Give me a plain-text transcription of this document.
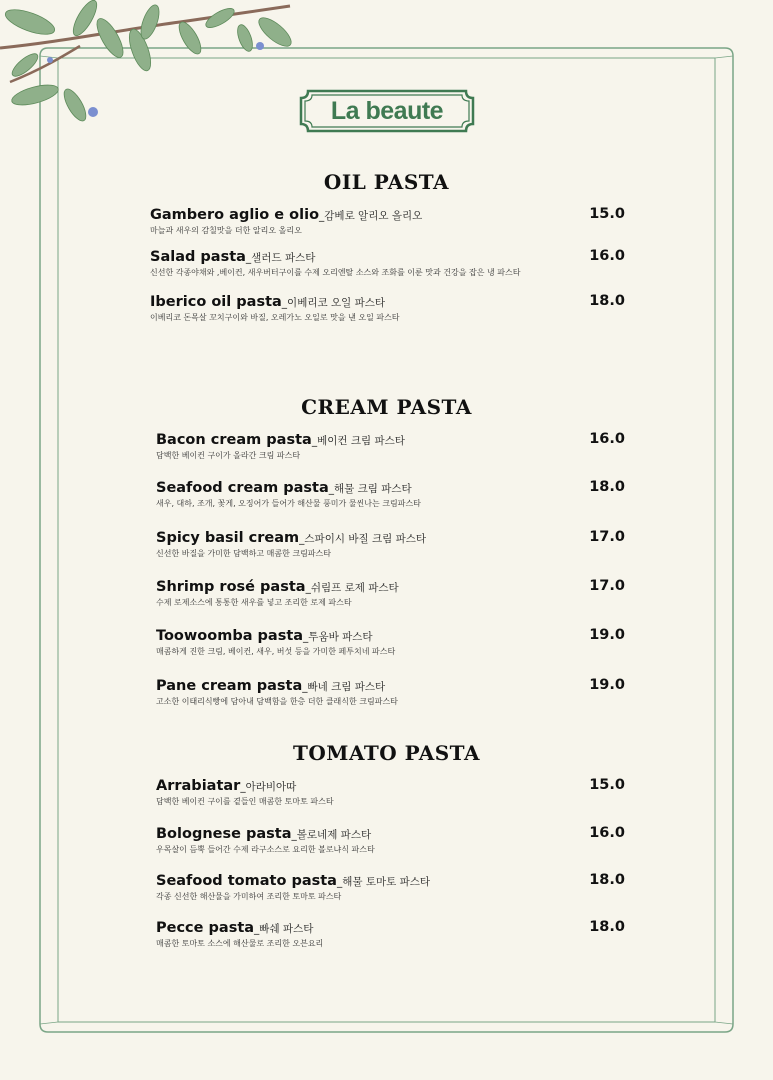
La beaute
OIL PASTA
Gambero aglio e olio_감베로 알리오 올리오
마늘과 새우의 감칠맛을 더한 알리오 올리오
15.0
Salad pasta_샐러드 파스타
신선한 각종야채와 ,베이컨, 새우버터구이를 수제 오리엔탈 소스와 조화를 이룬 맛과 건강을 잡은 냉 파스타
16.0
Iberico oil pasta_이베리코 오일 파스타
이베리코 돈목살 꼬치구이와 바질, 오레가노 오일로 맛을 낸 오일 파스타
18.0
CREAM PASTA
Bacon cream pasta_베이컨 크림 파스타
담백한 베이컨 구이가 올라간 크림 파스타
16.0
Seafood cream pasta_해물 크림 파스타
새우, 대하, 조개, 꽃게, 오징어가 들어가 해산물 풍미가 물씬나는 크림파스타
18.0
Spicy basil cream_스파이시 바질 크림 파스타
신선한 바질을 가미한 담백하고 매콤한 크림파스타
17.0
Shrimp rosé pasta_쉬림프 로제 파스타
수제 로제소스에 통통한 새우를 넣고 조리한 로제 파스타
17.0
Toowoomba pasta_투움바 파스타
매콤하게 진한 크림, 베이컨, 새우, 버섯 등을 가미한 페투치네 파스타
19.0
Pane cream pasta_빠네 크림 파스타
고소한 이태리식빵에 담아내 담백함을 한층 더한 클래식한 크림파스타
19.0
TOMATO PASTA
Arrabiatar_아라비아따
담백한 베이컨 구이를 곁들인 매콤한 토마토 파스타
15.0
Bolognese pasta_볼로네제 파스타
우목살이 듬뿍 들어간 수제 라구소스로 요리한 볼로냐식 파스타
16.0
Seafood tomato pasta_해물 토마토 파스타
각종 신선한 해산물을 가미하여 조리한 토마토 파스타
18.0
Pecce pasta_빠쉐 파스타
매콤한 토마토 소스에 해산물로 조리한 오븐요리
18.0
